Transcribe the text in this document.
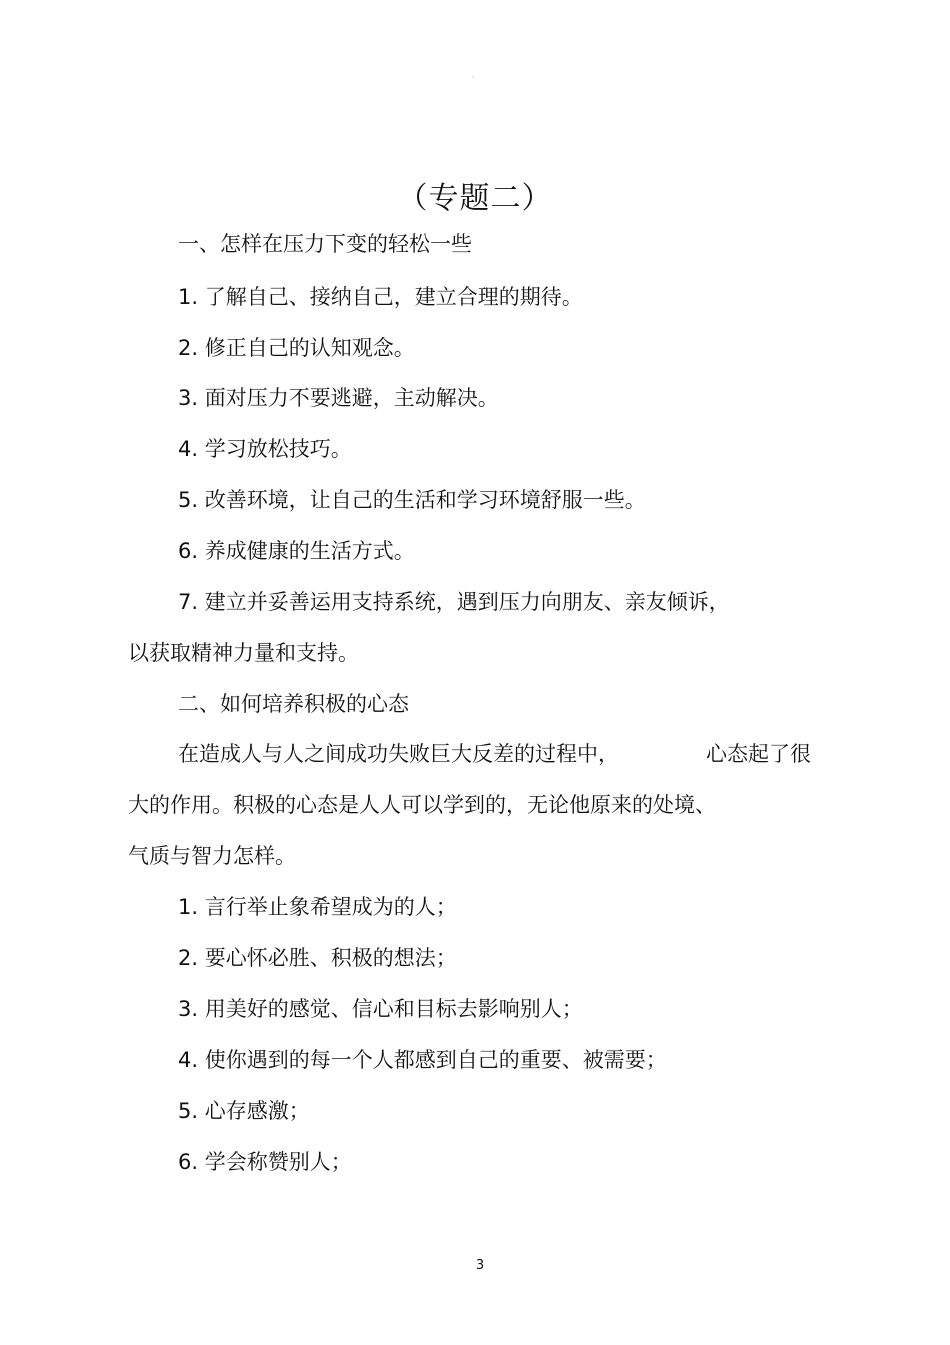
。
（专题二）
一、怎样在压力下变的轻松一些
1. 了解自己、接纳自己，建立合理的期待。
2. 修正自己的认知观念。
3. 面对压力不要逃避，主动解决。
4. 学习放松技巧。
5. 改善环境，让自己的生活和学习环境舒服一些。
6. 养成健康的生活方式。
7. 建立并妥善运用支持系统，遇到压力向朋友、亲友倾诉，
以获取精神力量和支持。
二、如何培养积极的心态
在造成人与人之间成功失败巨大反差的过程中，	心态起了很
大的作用。积极的心态是人人可以学到的，无论他原来的处境、
气质与智力怎样。
1. 言行举止象希望成为的人；
2. 要心怀必胜、积极的想法；
3. 用美好的感觉、信心和目标去影响别人；
4. 使你遇到的每一个人都感到自己的重要、被需要；
5. 心存感激；
6. 学会称赞别人；
3
